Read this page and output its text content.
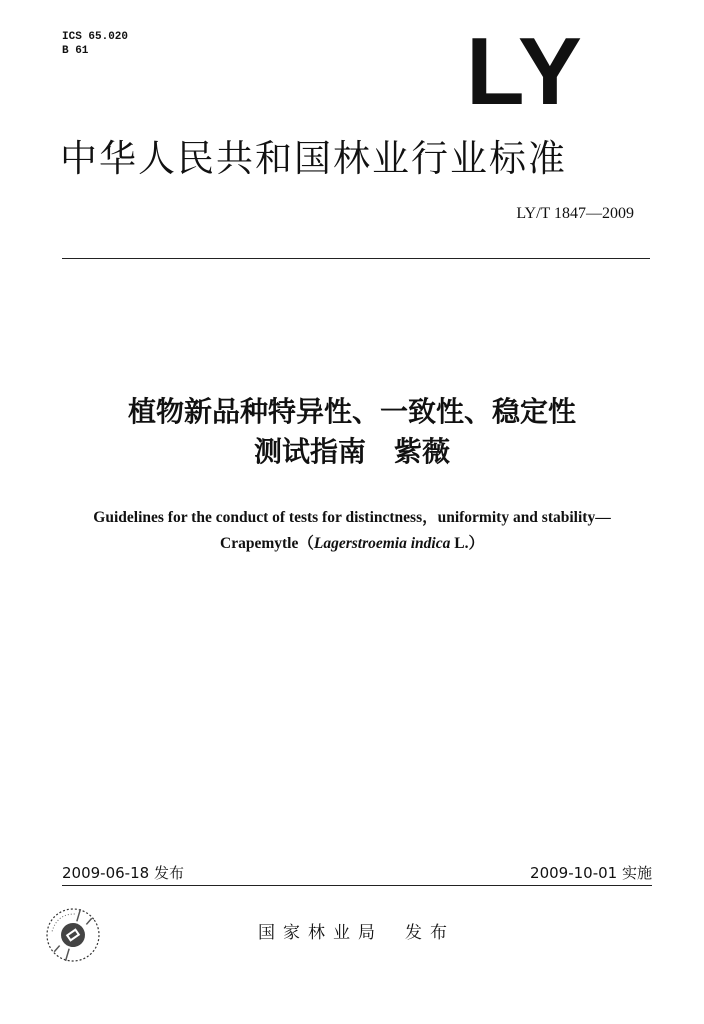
ICS 65.020
B 61	LY
中华人民共和国林业行业标准
LY/T 1847—2009
植物新品种特异性、一致性、稳定性
测试指南　紫薇
Guidelines for the conduct of tests for distinctness，uniformity and stability—
Crapemytle（Lagerstroemia indica L.）
2009-06-18 发布	2009-10-01 实施
国家林业局 发布
